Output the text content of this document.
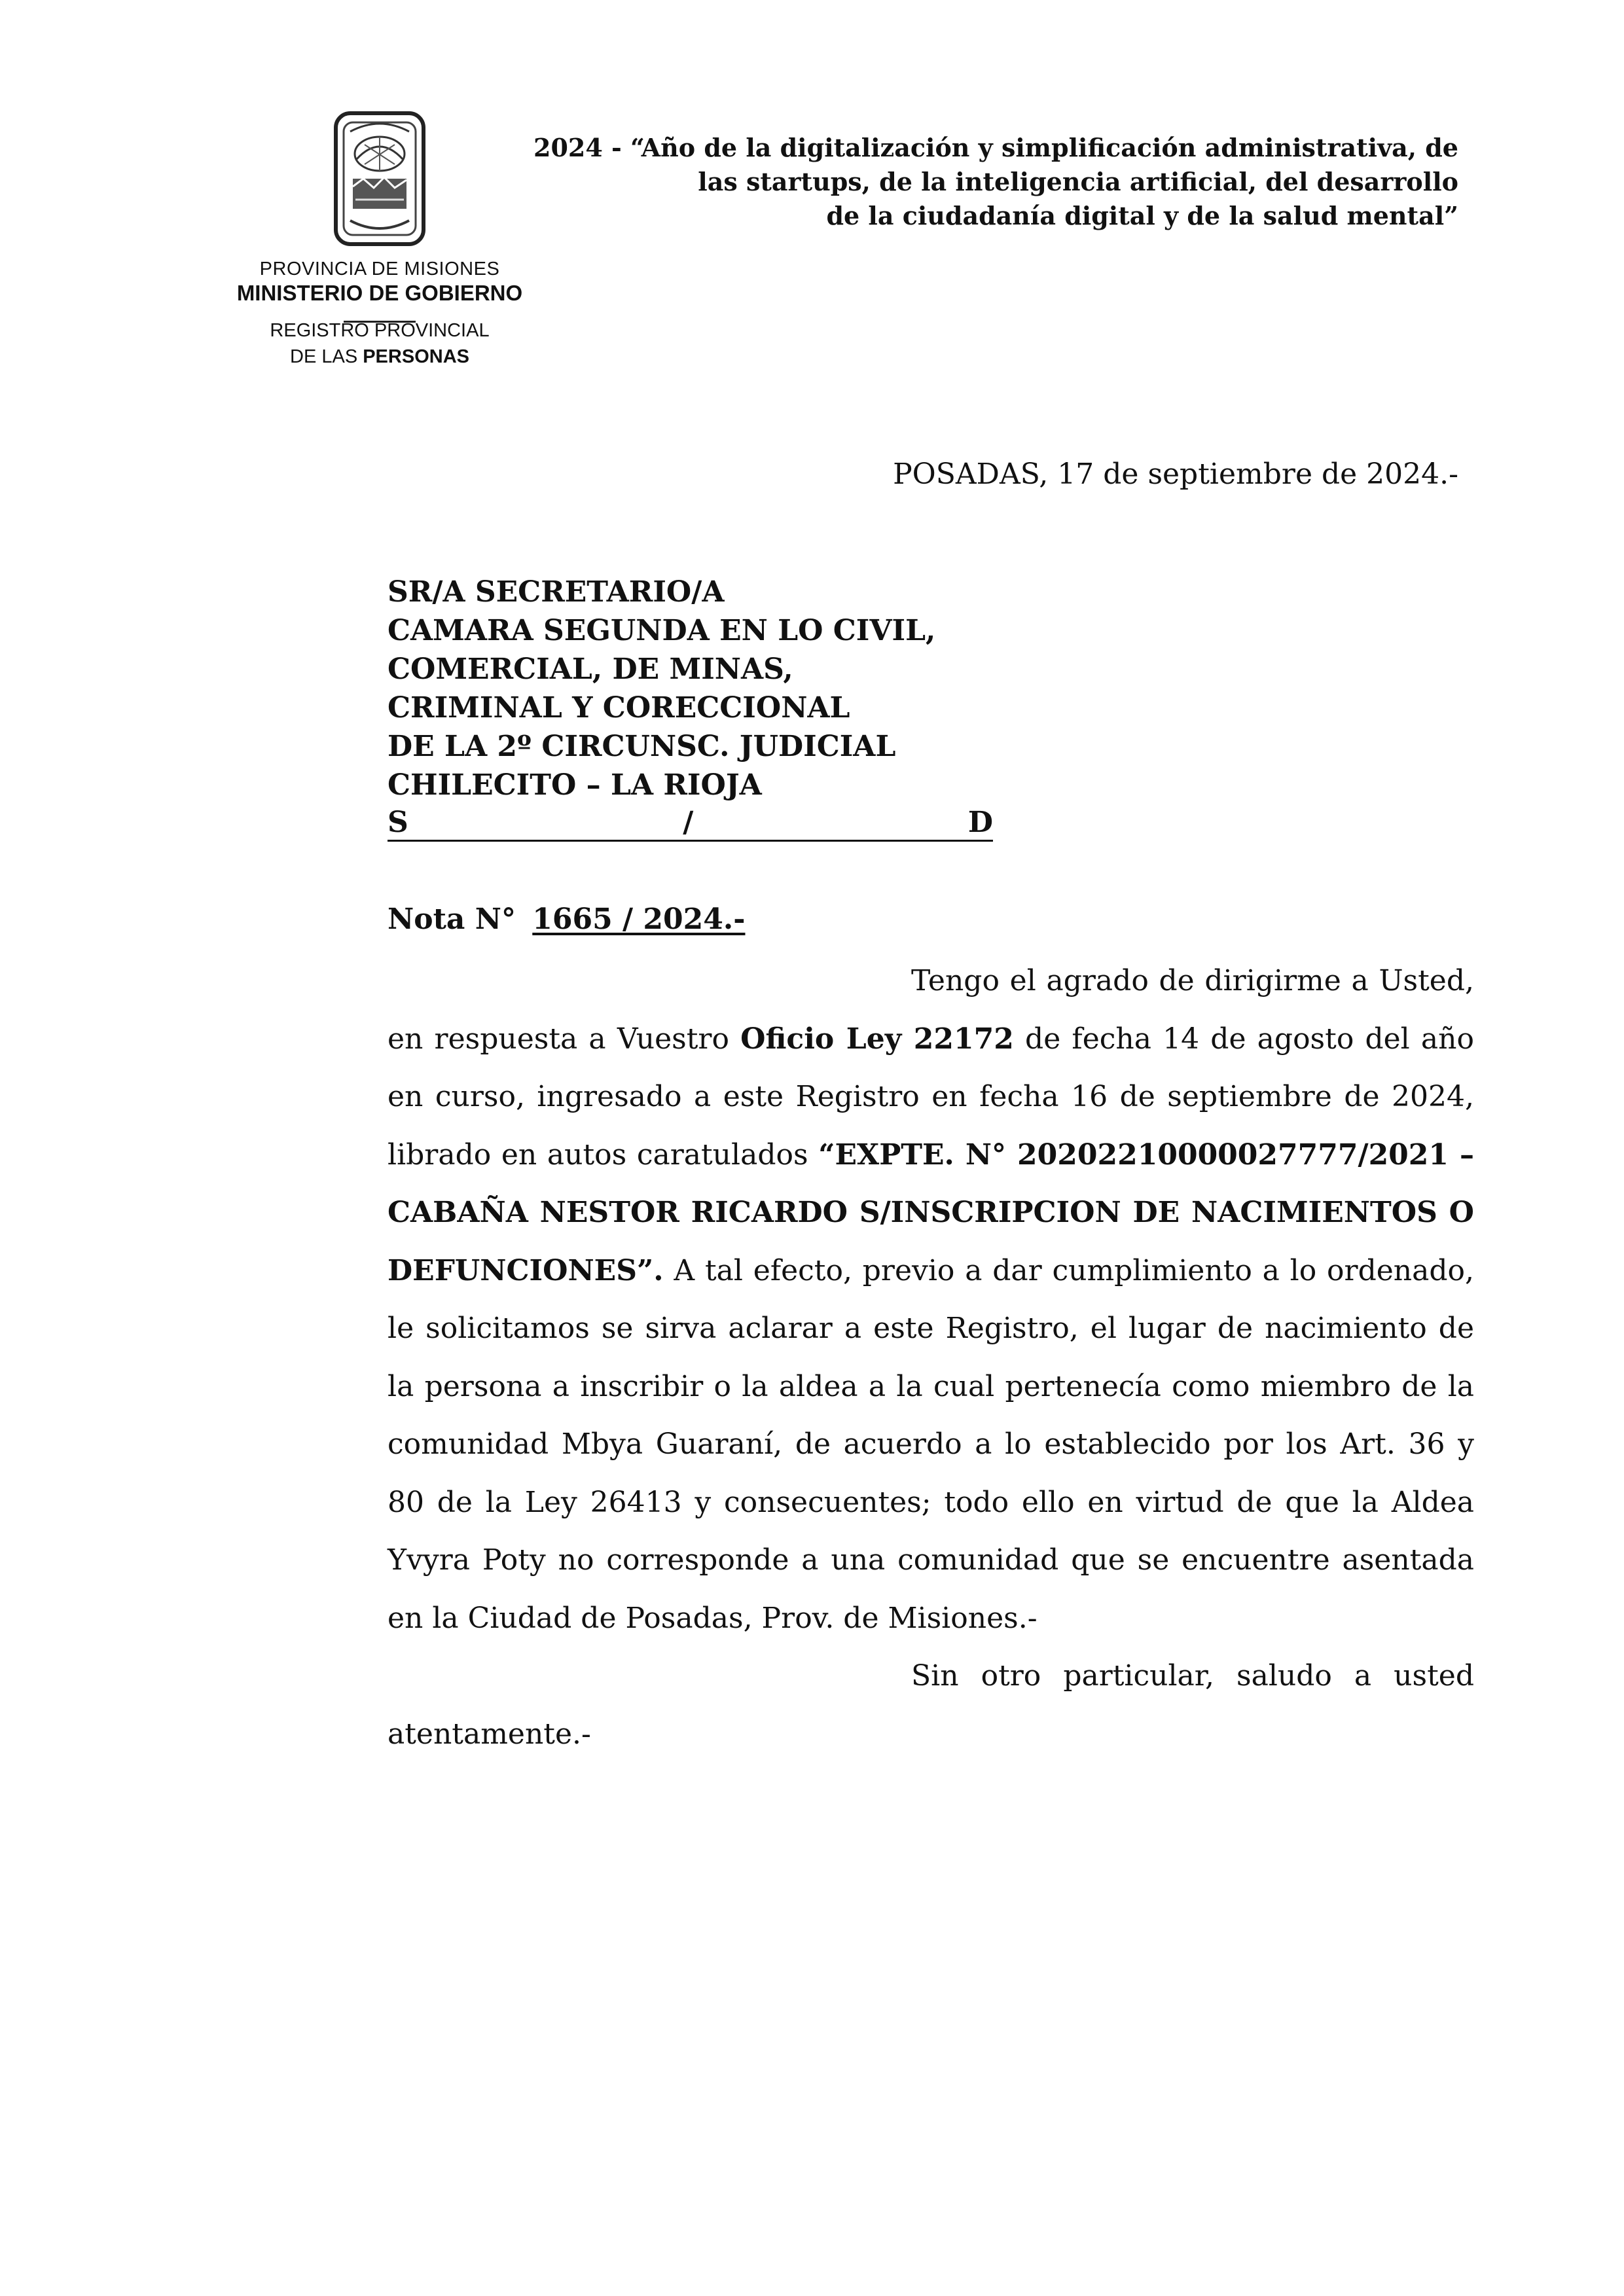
PROVINCIA DE MISIONES
MINISTERIO DE GOBIERNO
REGISTRO PROVINCIAL
DE LAS PERSONAS
2024 - “Año de la digitalización y simplificación administrativa, de
las startups, de la inteligencia artificial, del desarrollo
de la ciudadanía digital y de la salud mental”
POSADAS, 17 de septiembre de 2024.-
SR/A SECRETARIO/A
CAMARA SEGUNDA EN LO CIVIL,
COMERCIAL, DE MINAS,
CRIMINAL Y CORECCIONAL
DE LA 2º CIRCUNSC. JUDICIAL
CHILECITO – LA RIOJA
S	/	D
Nota N° 1665 / 2024.-

Tengo el agrado de dirigirme a Usted, en respuesta a Vuestro Oficio Ley 22172 de fecha 14 de agosto del año en curso, ingresado a este Registro en fecha 16 de septiembre de 2024, librado en autos caratulados “EXPTE. N° 20202210000027777/2021 – CABAÑA NESTOR RICARDO S/INSCRIPCION DE NACIMIENTOS O DEFUNCIONES”. A tal efecto, previo a dar cumplimiento a lo ordenado, le solicitamos se sirva aclarar a este Registro, el lugar de nacimiento de la persona a inscribir o la aldea a la cual pertenecía como miembro de la comunidad Mbya Guaraní, de acuerdo a lo establecido por los Art. 36 y 80 de la Ley 26413 y consecuentes; todo ello en virtud de que la Aldea Yvyra Poty no corresponde a una comunidad que se encuentre asentada en la Ciudad de Posadas, Prov. de Misiones.-

Sin otro particular, saludo a usted atentamente.-
